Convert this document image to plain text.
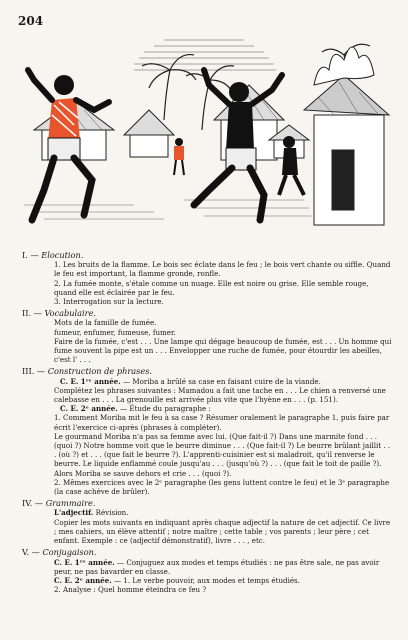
204
I. — Elocution.

1. Les bruits de la flamme. Le bois sec éclate dans le feu ; le bois vert chante ou siffle. Quand le feu est important, la flamme gronde, ronfle.

2. La fumée monte, s'étale comme un nuage. Elle est noire ou grise. Elle semble rouge, quand elle est éclairée par le feu.

3. Interrogation sur la lecture.

II. — Vocabulaire.

Mots de la famille de fumée.

fumeur, enfumer, fumeuse, fumer.

Faire de la fumée, c'est . . . Une lampe qui dégage beaucoup de fumée, est . . . Un homme qui fume souvent la pipe est un . . . Envelopper une ruche de fumée, pour étourdir les abeilles, c'est l' . . .

III. — Construction de phrases.

C. E. 1ʳᵉ année. — Moriba a brûlé sa case en faisant cuire de la viande.

Complétez les phrases suivantes : Mamadou a fait une tache en . . . Le chien a renversé une calebasse en . . . La grenouille est arrivée plus vite que l'hyène en . . . (p. 151).

C. E. 2ᵉ année. — Étude du paragraphe :

1. Comment Moriba mit le feu à sa case ? Résumer oralement le paragraphe 1, puis faire par écrit l'exercice ci-après (phrases à compléter).

Le gourmand Moriba n'a pas sa femme avec lui. (Que fait-il ?) Dans une marmite fond . . . (quoi ?) Notre homme voit que le beurre diminue . . . (Que fait-il ?) Le beurre brûlant jaillit . . . (où ?) et . . . (que fait le beurre ?). L'apprenti-cuisinier est si maladroit, qu'il renverse le beurre. Le liquide enflammé coule jusqu'au . . . (jusqu'où ?) . . . (que fait le toit de paille ?). Alors Moriba se sauve dehors et crie . . . (quoi ?).

2. Mêmes exercices avec le 2ᵉ paragraphe (les gens luttent contre le feu) et le 3ᵉ paragraphe (la case achève de brûler).

IV. — Grammaire.

L'adjectif. Révision.

Copier les mots suivants en indiquant après chaque adjectif la nature de cet adjectif. Ce livre ; mes cahiers, un élève attentif ; notre maître ; cette table ; vos parents ; leur père ; cet enfant. Exemple : ce (adjectif démonstratif), livre . . . , etc.

V. — Conjugaison.

C. E. 1ʳᵉ année. — Conjuguez aux modes et temps étudiés : ne pas être sale, ne pas avoir peur, ne pas bavarder en classe.

C. E. 2ᵉ année. — 1. Le verbe pouvoir, aux modes et temps étudiés.

2. Analyse : Quel homme éteindra ce feu ?
